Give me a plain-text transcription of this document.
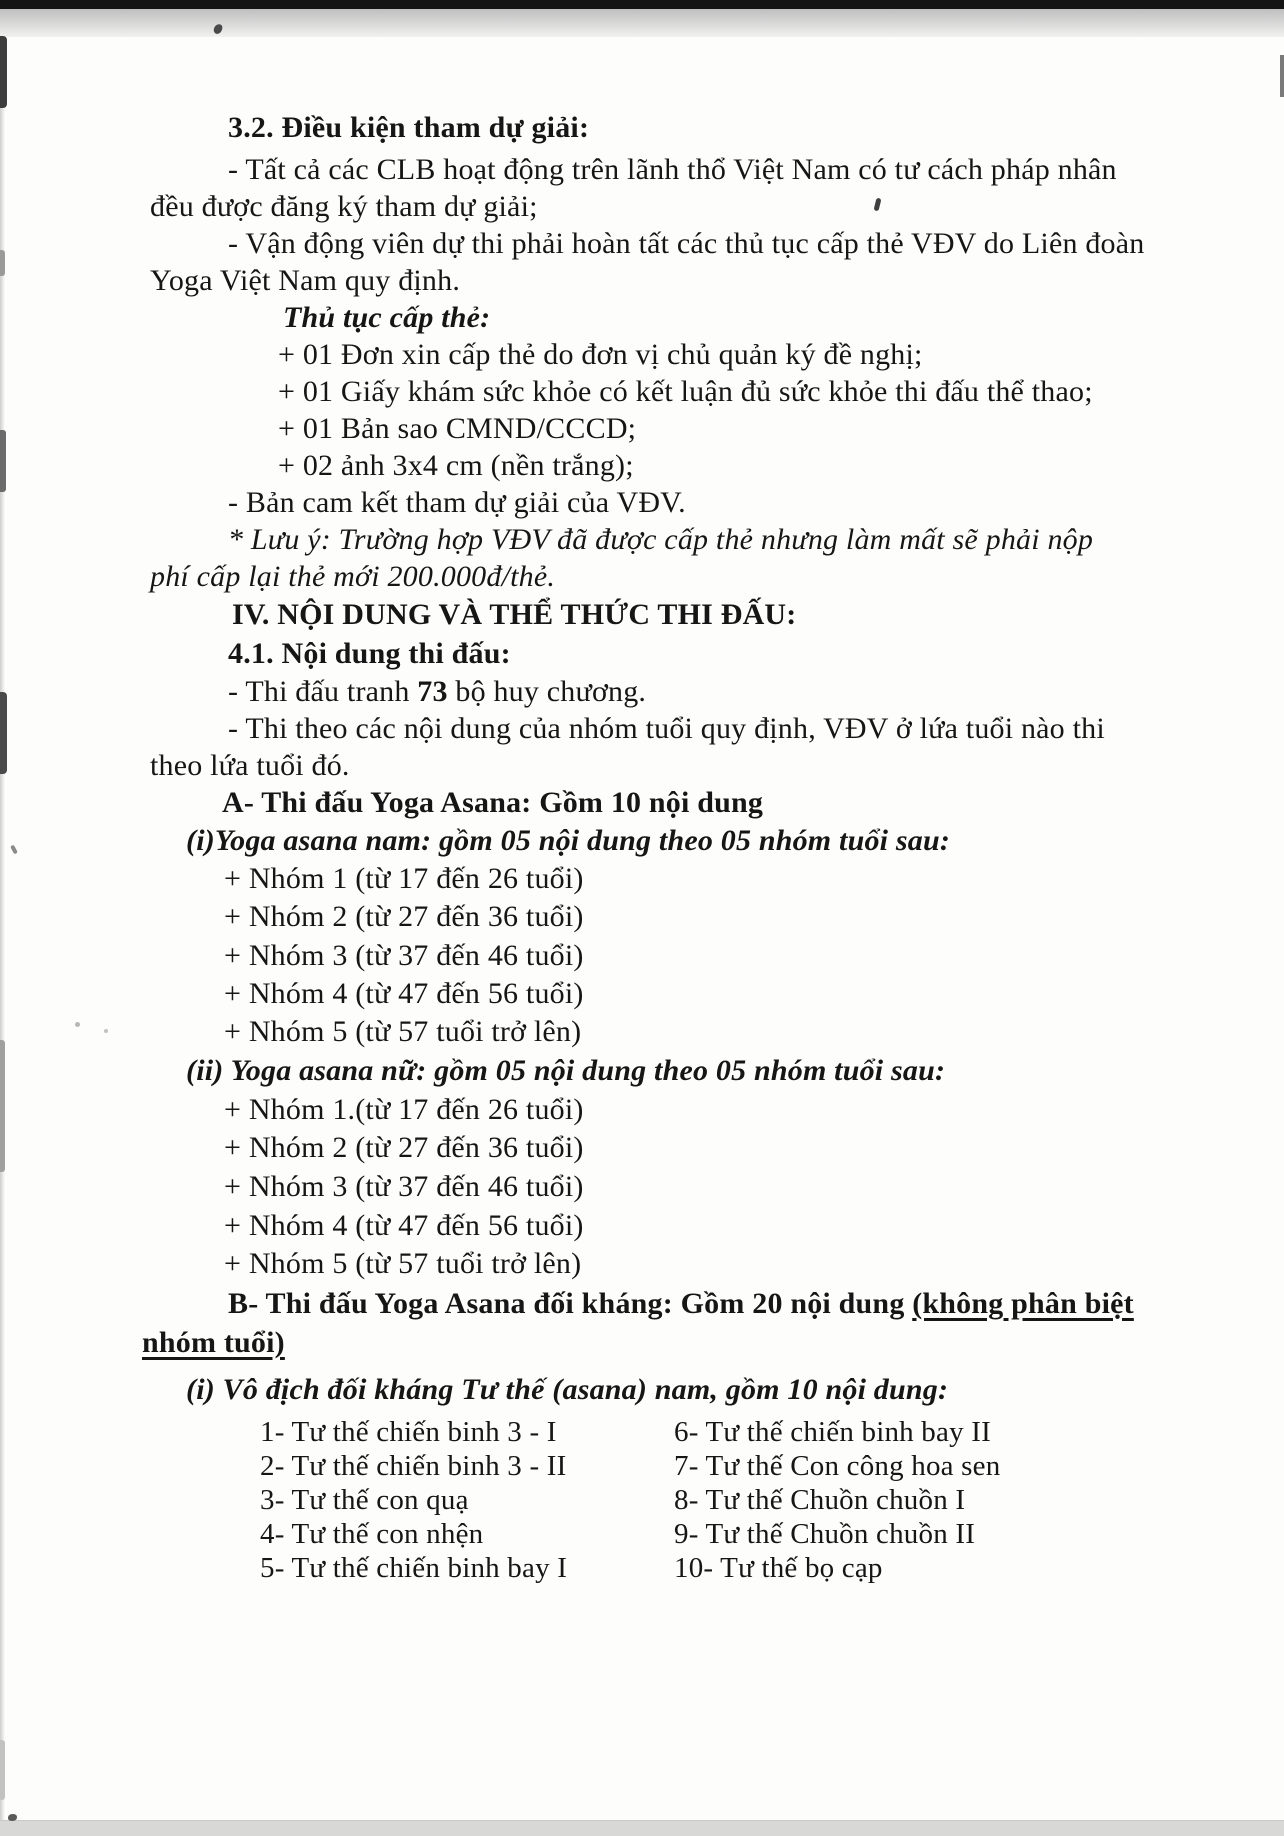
3.2. Điều kiện tham dự giải:
- Tất cả các CLB hoạt động trên lãnh thổ Việt Nam có tư cách pháp nhân
đều được đăng ký tham dự giải;
- Vận động viên dự thi phải hoàn tất các thủ tục cấp thẻ VĐV do Liên đoàn
Yoga Việt Nam quy định.
Thủ tục cấp thẻ:
+ 01 Đơn xin cấp thẻ do đơn vị chủ quản ký đề nghị;
+ 01 Giấy khám sức khỏe có kết luận đủ sức khỏe thi đấu thể thao;
+ 01 Bản sao CMND/CCCD;
+ 02 ảnh 3x4 cm (nền trắng);
- Bản cam kết tham dự giải của VĐV.
* Lưu ý: Trường hợp VĐV đã được cấp thẻ nhưng làm mất sẽ phải nộp
phí cấp lại thẻ mới 200.000đ/thẻ.
IV. NỘI DUNG VÀ THỂ THỨC THI ĐẤU:
4.1. Nội dung thi đấu:
- Thi đấu tranh 73 bộ huy chương.
- Thi theo các nội dung của nhóm tuổi quy định, VĐV ở lứa tuổi nào thi
theo lứa tuổi đó.
A- Thi đấu Yoga Asana: Gồm 10 nội dung
(i)Yoga asana nam: gồm 05 nội dung theo 05 nhóm tuổi sau:
+ Nhóm 1 (từ 17 đến 26 tuổi)
+ Nhóm 2 (từ 27 đến 36 tuổi)
+ Nhóm 3 (từ 37 đến 46 tuổi)
+ Nhóm 4 (từ 47 đến 56 tuổi)
+ Nhóm 5 (từ 57 tuổi trở lên)
(ii) Yoga asana nữ: gồm 05 nội dung theo 05 nhóm tuổi sau:
+ Nhóm 1.(từ 17 đến 26 tuổi)
+ Nhóm 2 (từ 27 đến 36 tuổi)
+ Nhóm 3 (từ 37 đến 46 tuổi)
+ Nhóm 4 (từ 47 đến 56 tuổi)
+ Nhóm 5 (từ 57 tuổi trở lên)
B- Thi đấu Yoga Asana đối kháng: Gồm 20 nội dung (không phân biệt
nhóm tuổi)
(i) Vô địch đối kháng Tư thế (asana) nam, gồm 10 nội dung:
1- Tư thế chiến binh 3 - I
2- Tư thế chiến binh 3 - II
3- Tư thế con quạ
4- Tư thế con nhện
5- Tư thế chiến binh bay I
6- Tư thế chiến binh bay II
7- Tư thế Con công hoa sen
8- Tư thế Chuồn chuồn I
9- Tư thế Chuồn chuồn II
10- Tư thế bọ cạp
